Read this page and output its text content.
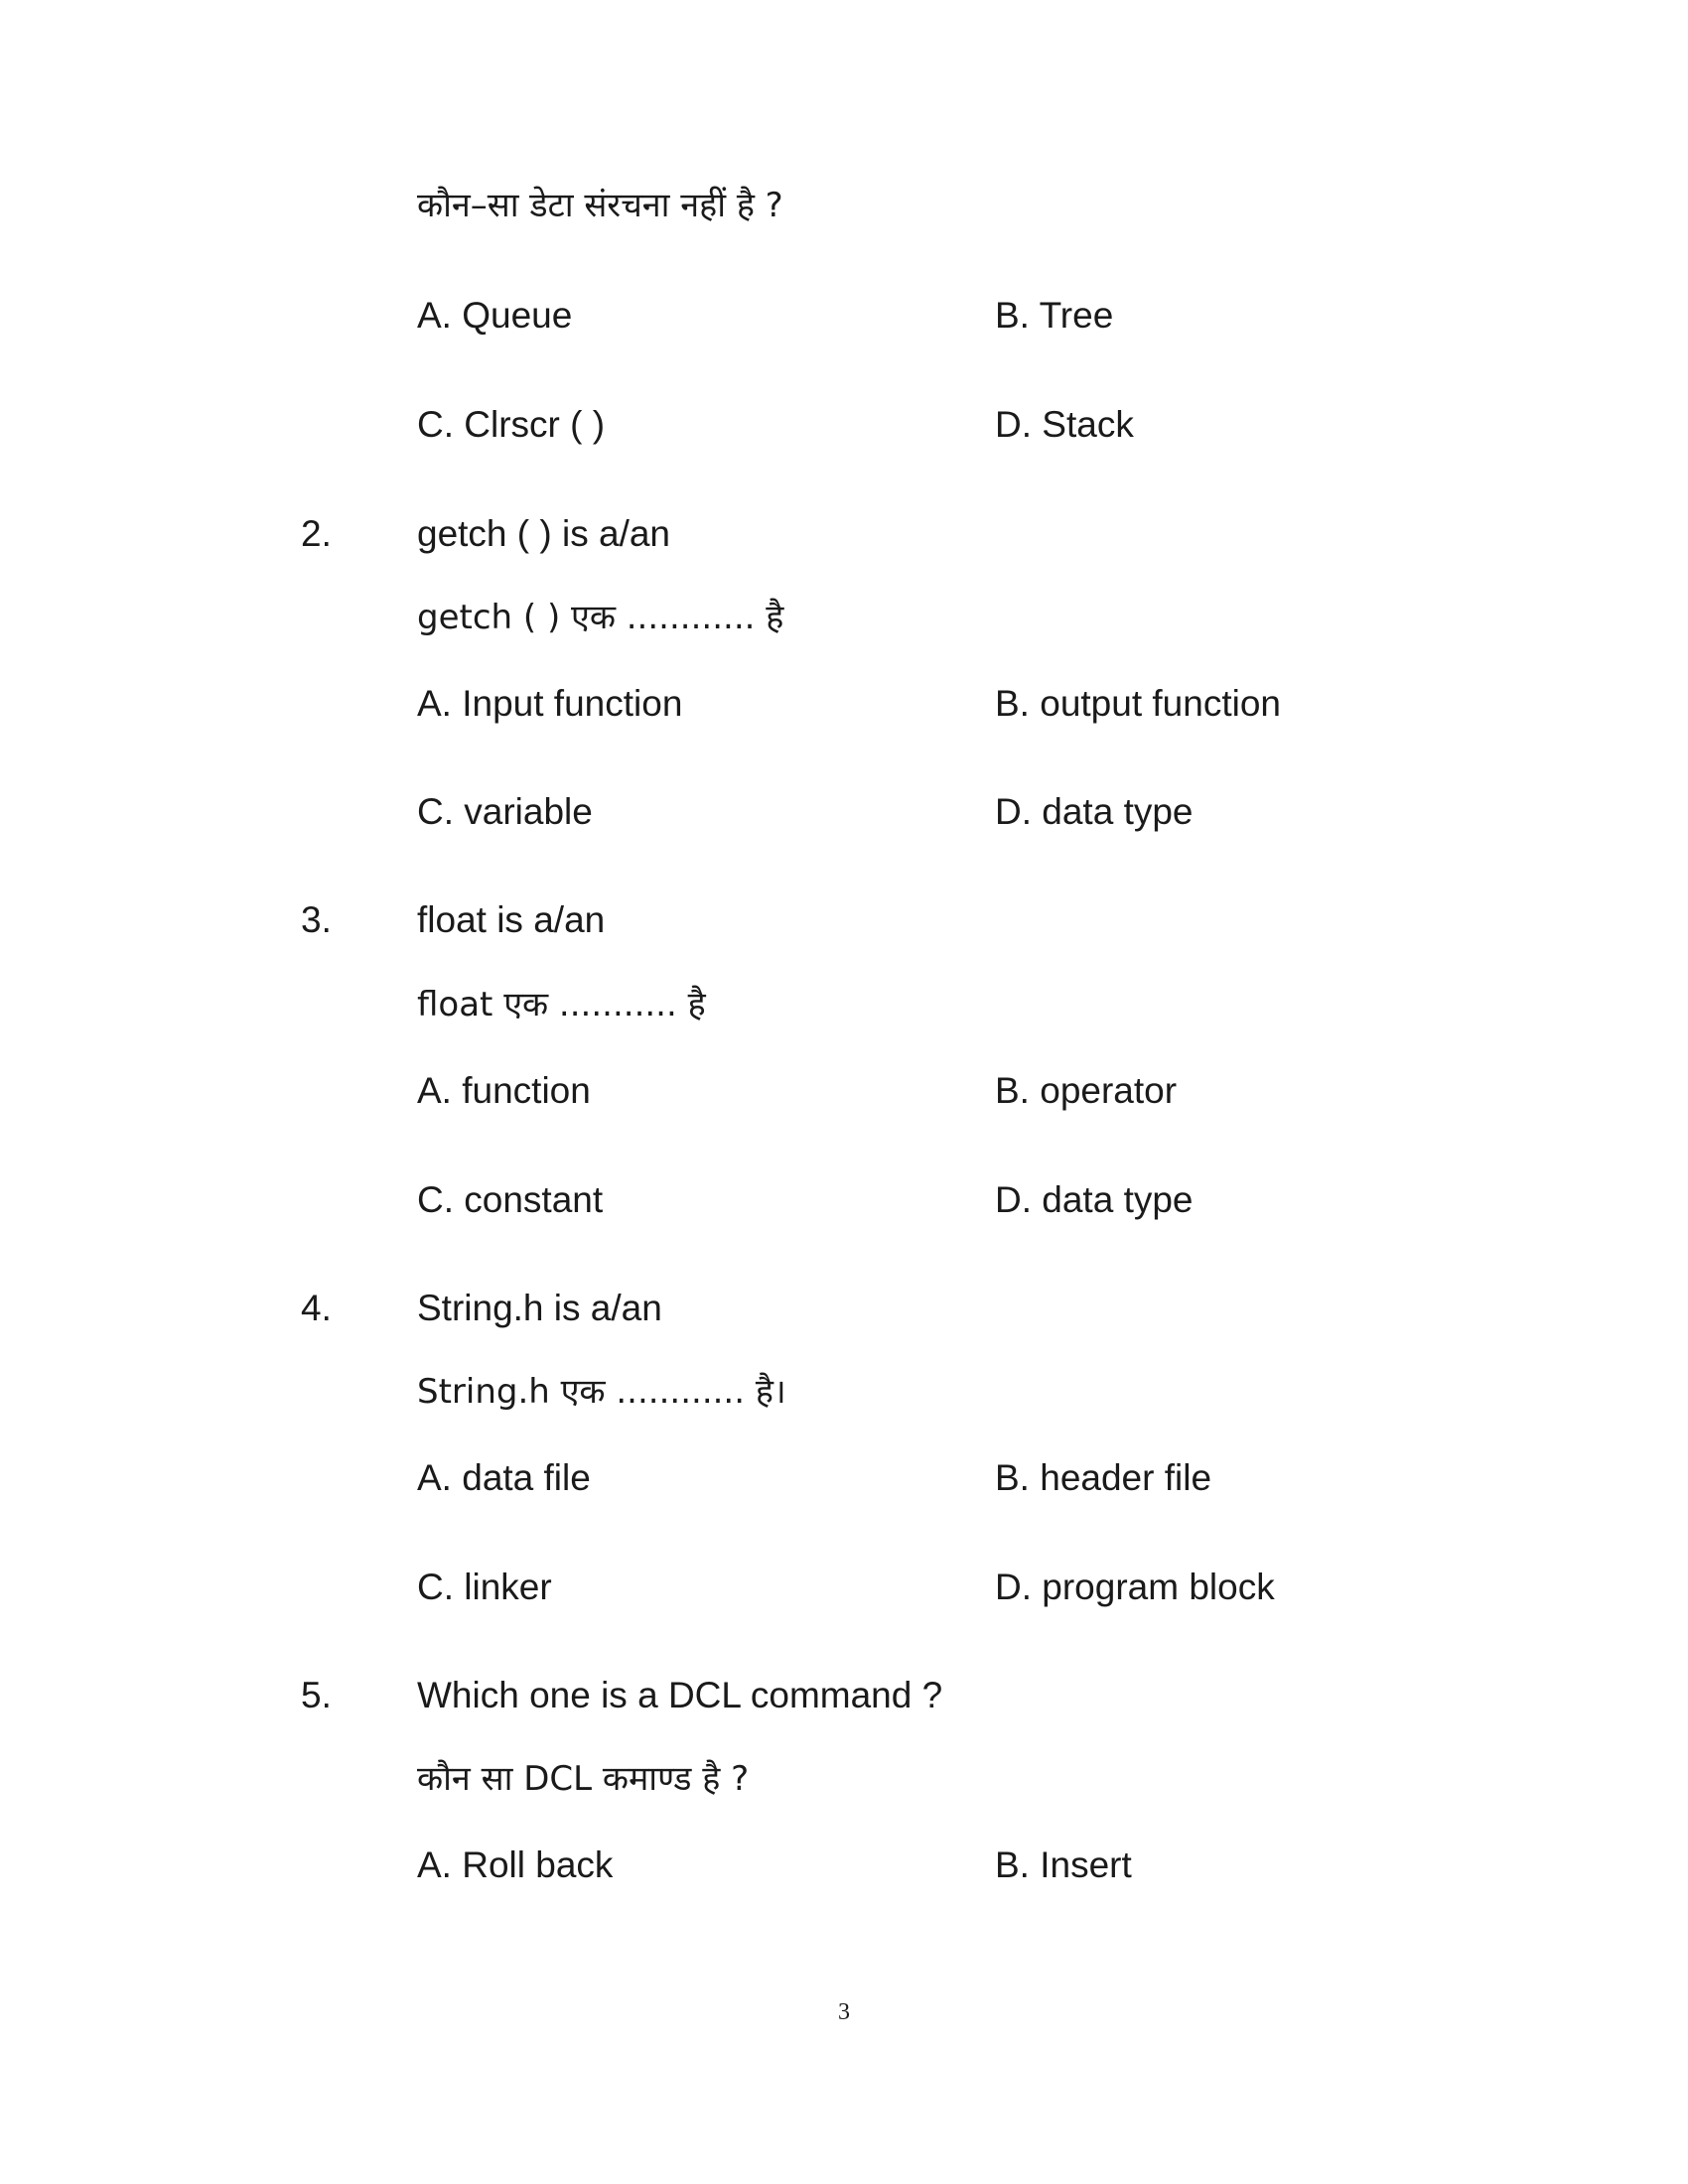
कौन–सा डेटा संरचना नहीं है ?
A. Queue	B. Tree
C. Clrscr ( )	D. Stack
2. getch ( ) is a/an
getch ( ) एक ............ है
A. Input function	B. output function
C. variable	D. data type
3. float is a/an
float एक ........... है
A. function	B. operator
C. constant	D. data type
4. String.h is a/an
String.h एक ............ है।
A. data file	B. header file
C. linker	D. program block
5. Which one is a DCL command ?
कौन सा DCL कमाण्ड है ?
A. Roll back	B. Insert
3
